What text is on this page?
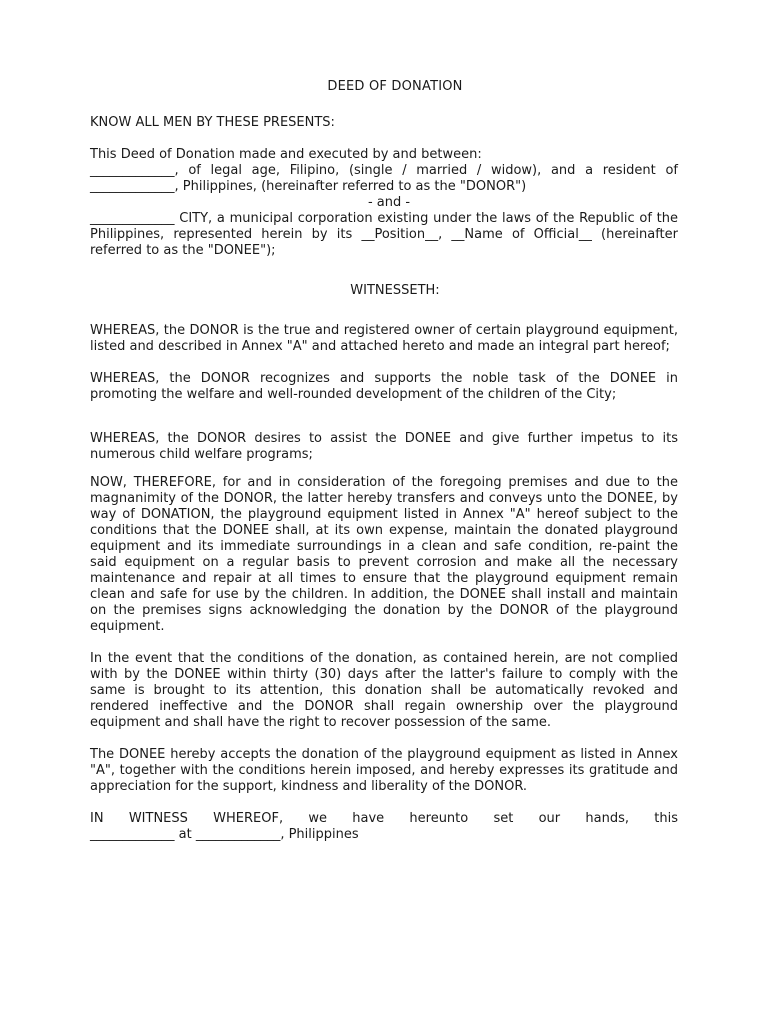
DEED OF DONATION

KNOW ALL MEN BY THESE PRESENTS:

This Deed of Donation made and executed by and between:

_____________, of legal age, Filipino, (single / married / widow), and a resident of _____________, Philippines, (hereinafter referred to as the "DONOR")

- and -

_____________ CITY, a municipal corporation existing under the laws of the Republic of the Philippines, represented herein by its __Position__, __Name of Official__ (hereinafter referred to as the "DONEE");

WITNESSETH:

WHEREAS, the DONOR is the true and registered owner of certain playground equipment, listed and described in Annex "A" and attached hereto and made an integral part hereof;

WHEREAS, the DONOR recognizes and supports the noble task of the DONEE in promoting the welfare and well-rounded development of the children of the City;

WHEREAS, the DONOR desires to assist the DONEE and give further impetus to its numerous child welfare programs;

NOW, THEREFORE, for and in consideration of the foregoing premises and due to the magnanimity of the DONOR, the latter hereby transfers and conveys unto the DONEE, by way of DONATION, the playground equipment listed in Annex "A" hereof subject to the conditions that the DONEE shall, at its own expense, maintain the donated playground equipment and its immediate surroundings in a clean and safe condition, re-paint the said equipment on a regular basis to prevent corrosion and make all the necessary maintenance and repair at all times to ensure that the playground equipment remain clean and safe for use by the children. In addition, the DONEE shall install and maintain on the premises signs acknowledging the donation by the DONOR of the playground equipment.

In the event that the conditions of the donation, as contained herein, are not complied with by the DONEE within thirty (30) days after the latter's failure to comply with the same is brought to its attention, this donation shall be automatically revoked and rendered ineffective and the DONOR shall regain ownership over the playground equipment and shall have the right to recover possession of the same.

The DONEE hereby accepts the donation of the playground equipment as listed in Annex "A", together with the conditions herein imposed, and hereby expresses its gratitude and appreciation for the support, kindness and liberality of the DONOR.

IN WITNESS WHEREOF, we have hereunto set our hands, this

_____________ at _____________, Philippines
